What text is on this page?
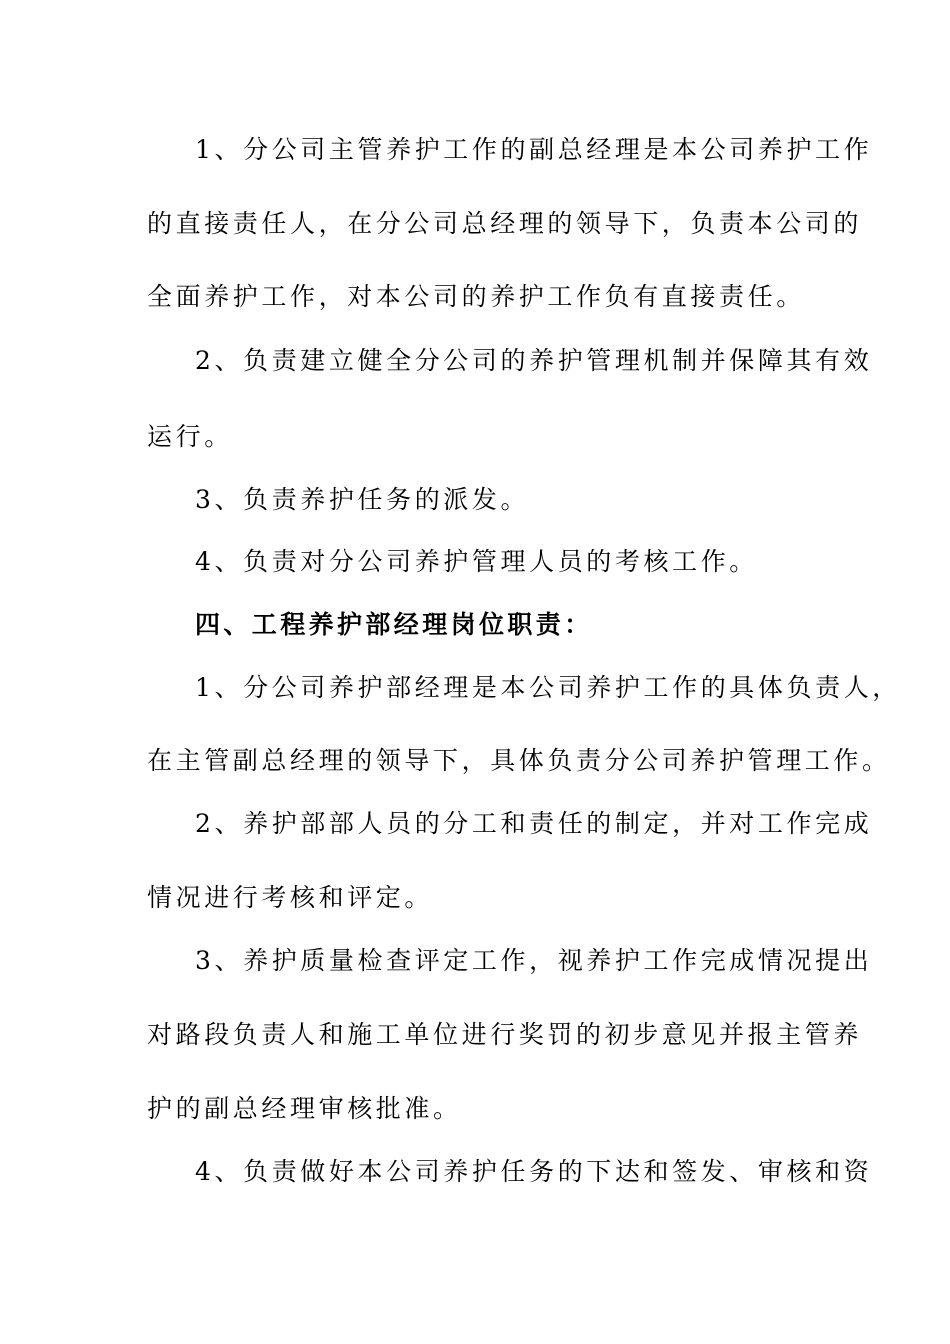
1、分公司主管养护工作的副总经理是本公司养护工作
的直接责任人，在分公司总经理的领导下，负责本公司的
全面养护工作，对本公司的养护工作负有直接责任。
2、负责建立健全分公司的养护管理机制并保障其有效
运行。
3、负责养护任务的派发。
4、负责对分公司养护管理人员的考核工作。
四、工程养护部经理岗位职责：
1、分公司养护部经理是本公司养护工作的具体负责人，
在主管副总经理的领导下，具体负责分公司养护管理工作。
2、养护部部人员的分工和责任的制定，并对工作完成
情况进行考核和评定。
3、养护质量检查评定工作，视养护工作完成情况提出
对路段负责人和施工单位进行奖罚的初步意见并报主管养
护的副总经理审核批准。
4、负责做好本公司养护任务的下达和签发、审核和资
